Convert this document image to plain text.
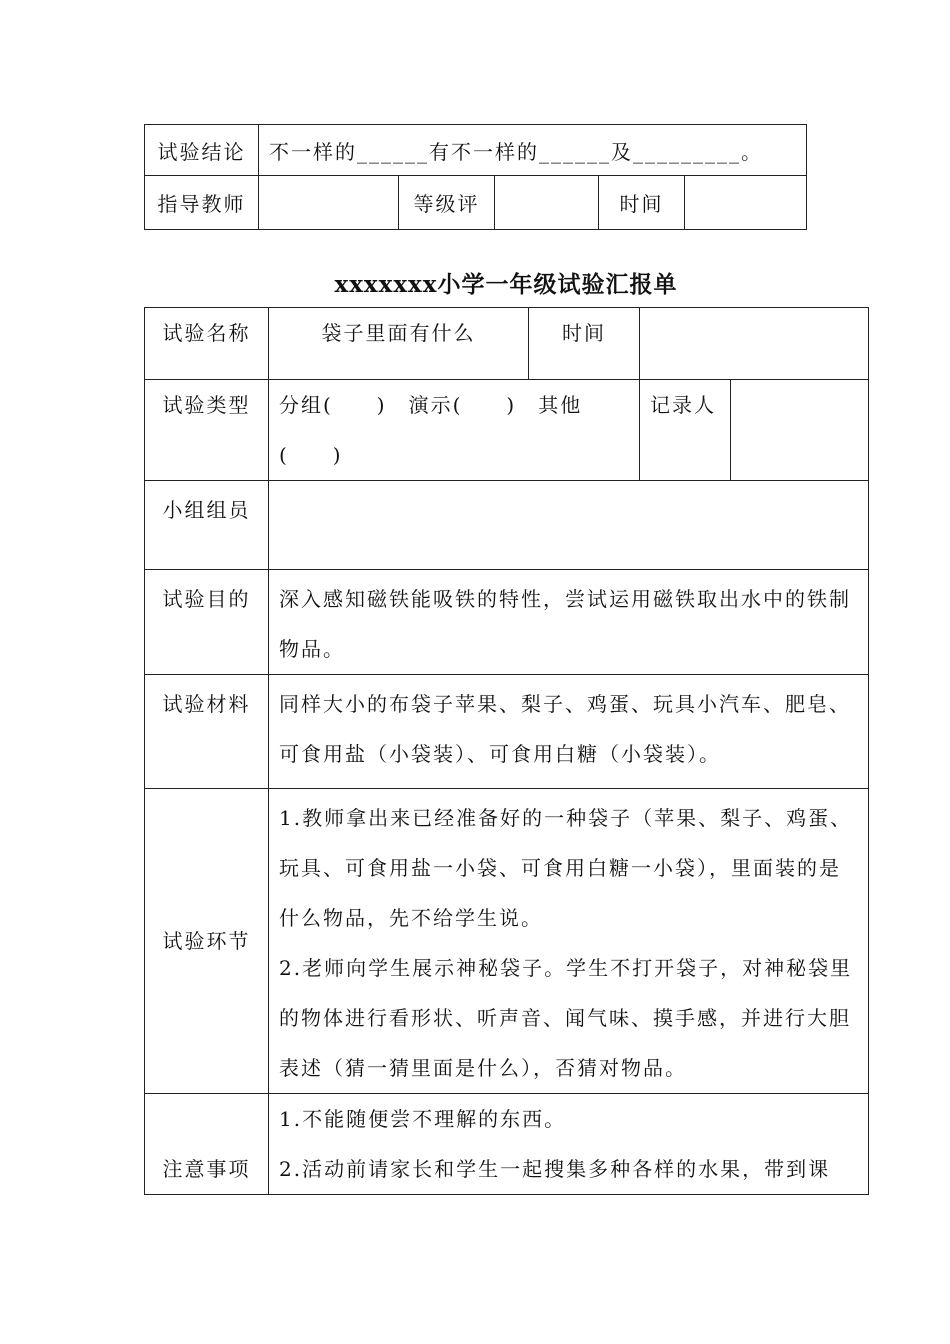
试验结论	不一样的______有不一样的______及_________。				
指导教师		等级评		时间	
xxxxxxx小学一年级试验汇报单
试验名称	袋子里面有什么	时间		
试验类型	分组(　　)　演示(　　)　其他(　　)		记录人	
小组组员				
试验目的	深入感知磁铁能吸铁的特性，尝试运用磁铁取出水中的铁制物品。			
试验材料	同样大小的布袋子苹果、梨子、鸡蛋、玩具小汽车、肥皂、可食用盐（小袋装）、可食用白糖（小袋装）。			
试验环节	1.教师拿出来已经准备好的一种袋子（苹果、梨子、鸡蛋、玩具、可食用盐一小袋、可食用白糖一小袋），里面装的是什么物品，先不给学生说。
2.老师向学生展示神秘袋子。学生不打开袋子，对神秘袋里的物体进行看形状、听声音、闻气味、摸手感，并进行大胆表述（猜一猜里面是什么），否猜对物品。			

注意事项	1.不能随便尝不理解的东西。
2.活动前请家长和学生一起搜集多种各样的水果，带到课			
